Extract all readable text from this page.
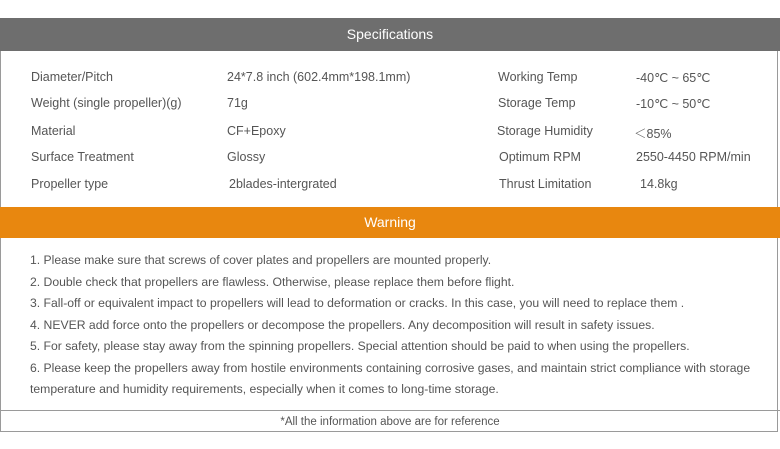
Specifications
Diameter/Pitch	24*7.8 inch (602.4mm*198.1mm)	Working Temp	-40℃ ~ 65℃
Weight (single propeller)(g)	71g	Storage Temp	-10℃ ~ 50℃
Material	CF+Epoxy	Storage Humidity	＜85%
Surface Treatment	Glossy	Optimum RPM	2550-4450 RPM/min
Propeller type	2blades-intergrated	Thrust Limitation	14.8kg
Warning
1. Please make sure that screws of cover plates and propellers are mounted properly.
2. Double check that propellers are flawless. Otherwise, please replace them before flight.
3. Fall-off or equivalent impact to propellers will lead to deformation or cracks. In this case, you will need to replace them .
4. NEVER add force onto the propellers or decompose the propellers. Any decomposition will result in safety issues.
5. For safety, please stay away from the spinning propellers. Special attention should be paid to when using the propellers.
6. Please keep the propellers away from hostile environments containing corrosive gases, and maintain strict compliance with storage temperature and humidity requirements, especially when it comes to long-time storage.
*All the information above are for reference
